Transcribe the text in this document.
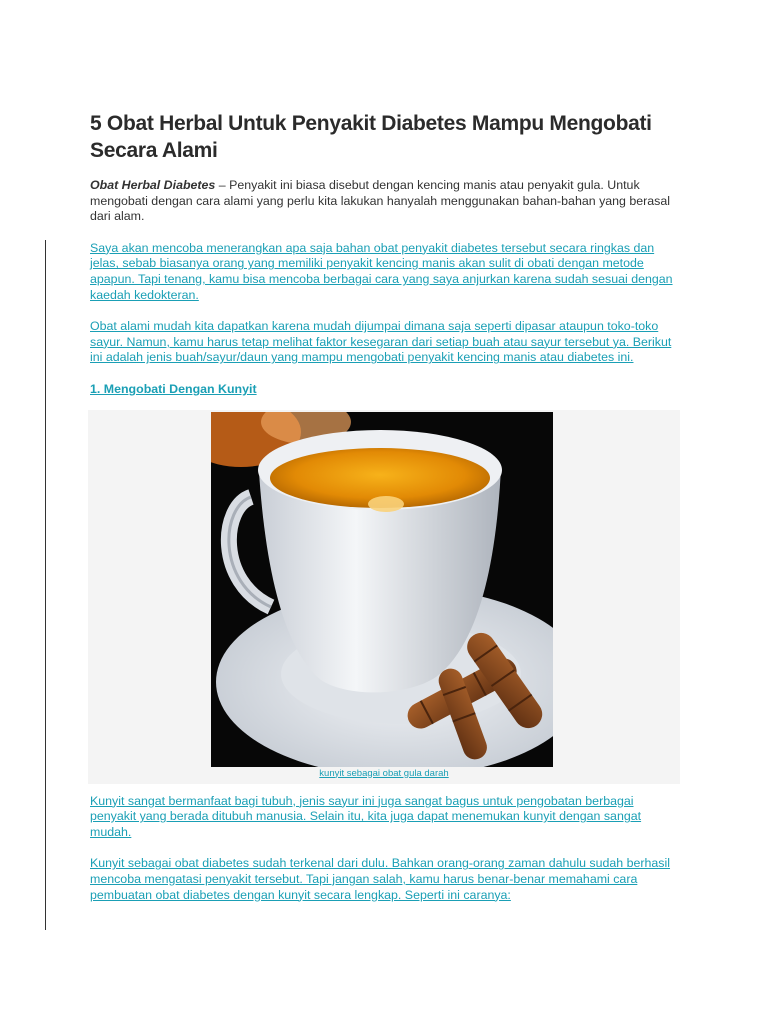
5 Obat Herbal Untuk Penyakit Diabetes Mampu Mengobati Secara Alami

Obat Herbal Diabetes – Penyakit ini biasa disebut dengan kencing manis atau penyakit gula. Untuk mengobati dengan cara alami yang perlu kita lakukan hanyalah menggunakan bahan-bahan yang berasal dari alam.

Saya akan mencoba menerangkan apa saja bahan obat penyakit diabetes tersebut secara ringkas dan jelas, sebab biasanya orang yang memiliki penyakit kencing manis akan sulit di obati dengan metode apapun. Tapi tenang, kamu bisa mencoba berbagai cara yang saya anjurkan karena sudah sesuai dengan kaedah kedokteran.

Obat alami mudah kita dapatkan karena mudah dijumpai dimana saja seperti dipasar ataupun toko-toko sayur. Namun, kamu harus tetap melihat faktor kesegaran dari setiap buah atau sayur tersebut ya. Berikut ini adalah jenis buah/sayur/daun yang mampu mengobati penyakit kencing manis atau diabetes ini.

1. Mengobati Dengan Kunyit

kunyit sebagai obat gula darah

Kunyit sangat bermanfaat bagi tubuh, jenis sayur ini juga sangat bagus untuk pengobatan berbagai penyakit yang berada ditubuh manusia. Selain itu, kita juga dapat menemukan kunyit dengan sangat mudah.

Kunyit sebagai obat diabetes sudah terkenal dari dulu. Bahkan orang-orang zaman dahulu sudah berhasil mencoba mengatasi penyakit tersebut. Tapi jangan salah, kamu harus benar-benar memahami cara pembuatan obat diabetes dengan kunyit secara lengkap. Seperti ini caranya:
